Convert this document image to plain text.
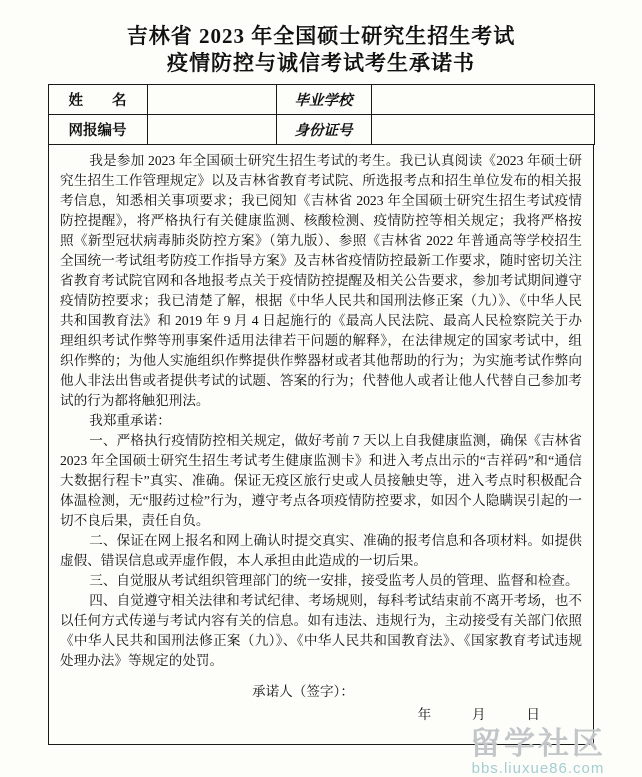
吉林省 2023 年全国硕士研究生招生考试
疫情防控与诚信考试考生承诺书
姓　　名		毕业学校	
网报编号		身份证号	

我是参加 2023 年全国硕士研究生招生考试的考生。我已认真阅读《2023 年硕士研究生招生工作管理规定》以及吉林省教育考试院、所选报考点和招生单位发布的相关报考信息，知悉相关事项要求；我已阅知《吉林省 2023 年全国硕士研究生招生考试疫情防控提醒》，将严格执行有关健康监测、核酸检测、疫情防控等相关规定；我将严格按照《新型冠状病毒肺炎防控方案》（第九版）、参照《吉林省 2022 年普通高等学校招生全国统一考试组考防疫工作指导方案》及吉林省疫情防控最新工作要求，随时密切关注省教育考试院官网和各地报考点关于疫情防控提醒及相关公告要求，参加考试期间遵守疫情防控要求；我已清楚了解，根据《中华人民共和国刑法修正案（九）》、《中华人民共和国教育法》和 2019 年 9 月 4 日起施行的《最高人民法院、最高人民检察院关于办理组织考试作弊等刑事案件适用法律若干问题的解释》，在法律规定的国家考试中，组织作弊的；为他人实施组织作弊提供作弊器材或者其他帮助的行为；为实施考试作弊向他人非法出售或者提供考试的试题、答案的行为；代替他人或者让他人代替自己参加考试的行为都将触犯刑法。

我郑重承诺：

一、严格执行疫情防控相关规定，做好考前 7 天以上自我健康监测，确保《吉林省 2023 年全国硕士研究生招生考试考生健康监测卡》和进入考点出示的“吉祥码”和“通信大数据行程卡”真实、准确。保证无疫区旅行史或人员接触史等，进入考点时积极配合体温检测，无“服药过检”行为，遵守考点各项疫情防控要求，如因个人隐瞒误引起的一切不良后果，责任自负。

二、保证在网上报名和网上确认时提交真实、准确的报考信息和各项材料。如提供虚假、错误信息或弄虚作假，本人承担由此造成的一切后果。

三、自觉服从考试组织管理部门的统一安排，接受监考人员的管理、监督和检查。

四、自觉遵守相关法律和考试纪律、考场规则，每科考试结束前不离开考场，也不以任何方式传递与考试内容有关的信息。如有违法、违规行为，主动接受有关部门依照《中华人民共和国刑法修正案（九）》、《中华人民共和国教育法》、《国家教育考试违规处理办法》等规定的处罚。

承诺人（签字）：
年　　　月　　　日
留学社区
bbs.liuxue86.com
